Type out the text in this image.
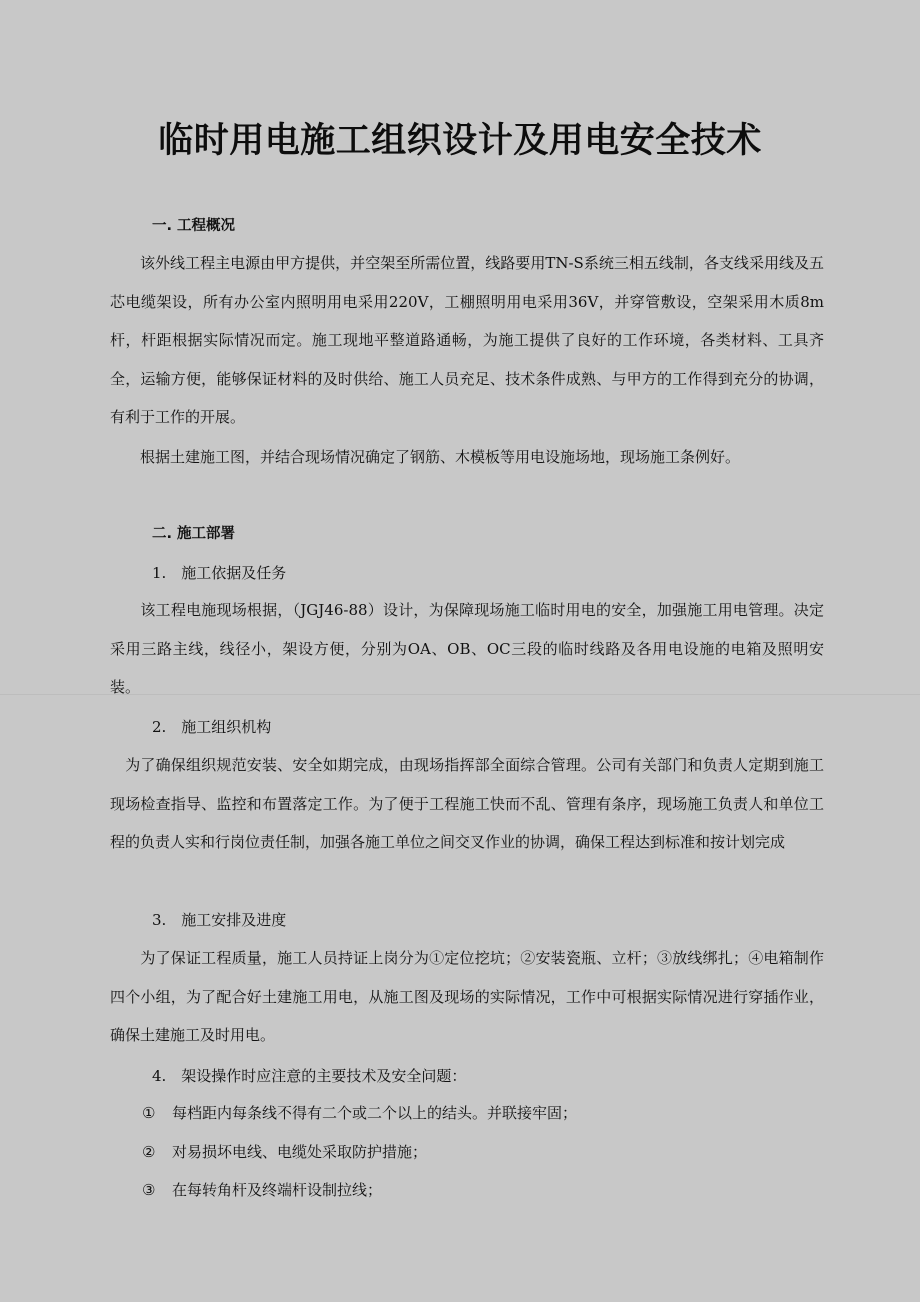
临时用电施工组织设计及用电安全技术
一. 工程概况
　　该外线工程主电源由甲方提供，并空架至所需位置，线路要用TN-S系统三相五线制，各支线采用线及五芯电缆架设，所有办公室内照明用电采用220V，工棚照明用电采用36V，并穿管敷设，空架采用木质8m杆，杆距根据实际情况而定。施工现地平整道路通畅，为施工提供了良好的工作环境，各类材料、工具齐全，运输方便，能够保证材料的及时供给、施工人员充足、技术条件成熟、与甲方的工作得到充分的协调，有利于工作的开展。
　　根据土建施工图，并结合现场情况确定了钢筋、木模板等用电设施场地，现场施工条例好。
二. 施工部署
1.　施工依据及任务
　　该工程电施现场根据，（JGJ46-88）设计，为保障现场施工临时用电的安全，加强施工用电管理。决定采用三路主线，线径小，架设方便，分别为OA、OB、OC三段的临时线路及各用电设施的电箱及照明安装。
2.　施工组织机构
　为了确保组织规范安装、安全如期完成，由现场指挥部全面综合管理。公司有关部门和负责人定期到施工现场检查指导、监控和布置落定工作。为了便于工程施工快而不乱、管理有条序，现场施工负责人和单位工程的负责人实和行岗位责任制，加强各施工单位之间交叉作业的协调，确保工程达到标准和按计划完成
3.　施工安排及进度
　　为了保证工程质量，施工人员持证上岗分为①定位挖坑；②安装瓷瓶、立杆；③放线绑扎；④电箱制作四个小组，为了配合好土建施工用电，从施工图及现场的实际情况，工作中可根据实际情况进行穿插作业，确保土建施工及时用电。
4.　架设操作时应注意的主要技术及安全问题：
① 每档距内每条线不得有二个或二个以上的结头。并联接牢固；
② 对易损坏电线、电缆处采取防护措施；
③ 在每转角杆及终端杆设制拉线；
